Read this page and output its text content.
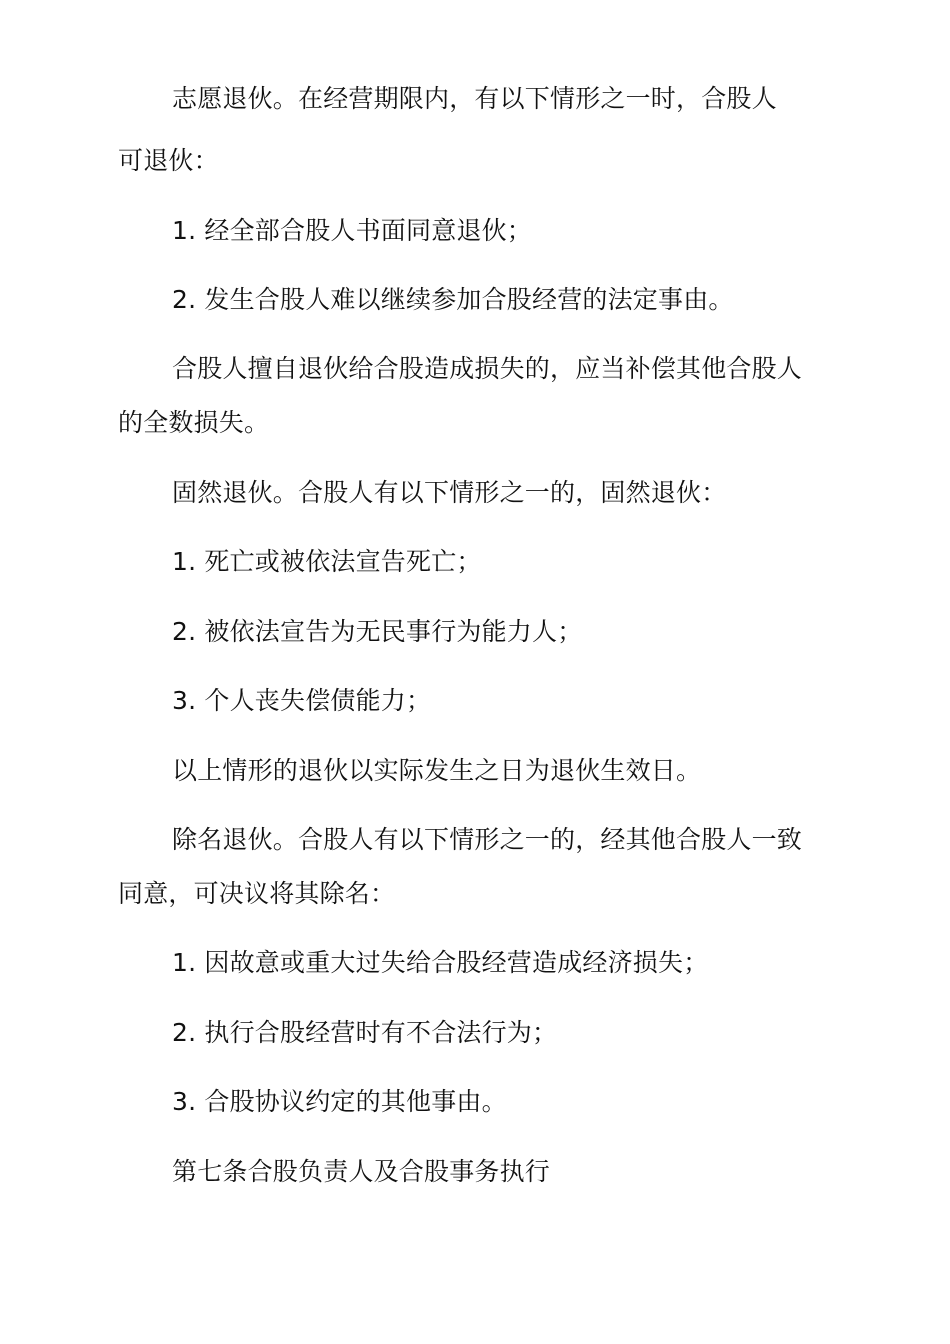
志愿退伙。在经营期限内，有以下情形之一时，合股人
可退伙：
1. 经全部合股人书面同意退伙；
2. 发生合股人难以继续参加合股经营的法定事由。
合股人擅自退伙给合股造成损失的，应当补偿其他合股人
的全数损失。
固然退伙。合股人有以下情形之一的，固然退伙：
1. 死亡或被依法宣告死亡；
2. 被依法宣告为无民事行为能力人；
3. 个人丧失偿债能力；
以上情形的退伙以实际发生之日为退伙生效日。
除名退伙。合股人有以下情形之一的，经其他合股人一致
同意，可决议将其除名：
1. 因故意或重大过失给合股经营造成经济损失；
2. 执行合股经营时有不合法行为；
3. 合股协议约定的其他事由。
第七条合股负责人及合股事务执行
